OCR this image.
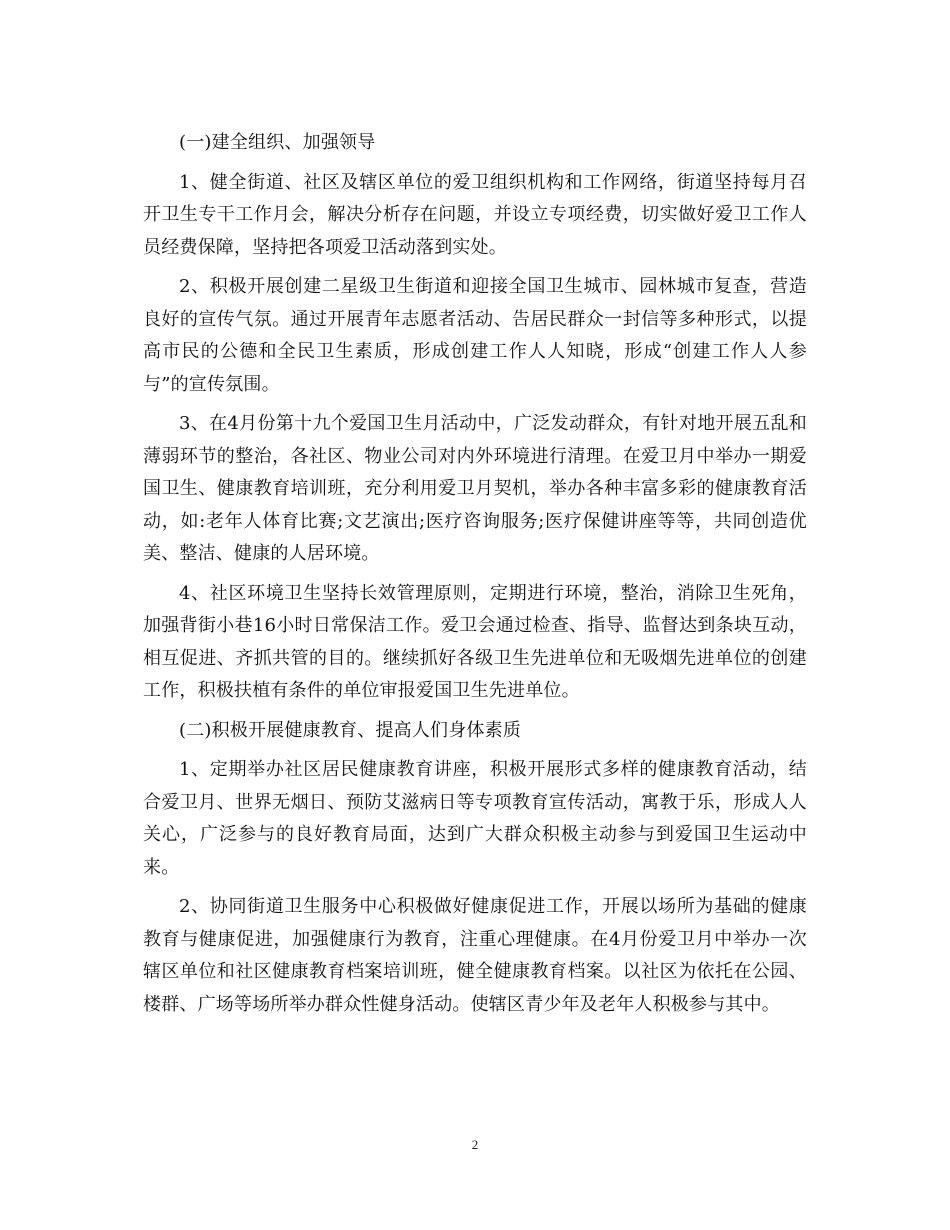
(一)建全组织、加强领导

1、健全街道、社区及辖区单位的爱卫组织机构和工作网络，街道坚持每月召开卫生专干工作月会，解决分析存在问题，并设立专项经费，切实做好爱卫工作人员经费保障，坚持把各项爱卫活动落到实处。

2、积极开展创建二星级卫生街道和迎接全国卫生城市、园林城市复查，营造良好的宣传气氛。通过开展青年志愿者活动、告居民群众一封信等多种形式，以提高市民的公德和全民卫生素质，形成创建工作人人知晓，形成“创建工作人人参与”的宣传氛围。

3、在4月份第十九个爱国卫生月活动中，广泛发动群众，有针对地开展五乱和薄弱环节的整治，各社区、物业公司对内外环境进行清理。在爱卫月中举办一期爱国卫生、健康教育培训班，充分利用爱卫月契机，举办各种丰富多彩的健康教育活动，如:老年人体育比赛;文艺演出;医疗咨询服务;医疗保健讲座等等，共同创造优美、整洁、健康的人居环境。

4、社区环境卫生坚持长效管理原则，定期进行环境，整治，消除卫生死角，加强背街小巷16小时日常保洁工作。爱卫会通过检查、指导、监督达到条块互动，相互促进、齐抓共管的目的。继续抓好各级卫生先进单位和无吸烟先进单位的创建工作，积极扶植有条件的单位审报爱国卫生先进单位。

(二)积极开展健康教育、提高人们身体素质

1、定期举办社区居民健康教育讲座，积极开展形式多样的健康教育活动，结合爱卫月、世界无烟日、预防艾滋病日等专项教育宣传活动，寓教于乐，形成人人关心，广泛参与的良好教育局面，达到广大群众积极主动参与到爱国卫生运动中来。

2、协同街道卫生服务中心积极做好健康促进工作，开展以场所为基础的健康教育与健康促进，加强健康行为教育，注重心理健康。在4月份爱卫月中举办一次辖区单位和社区健康教育档案培训班，健全健康教育档案。以社区为依托在公园、楼群、广场等场所举办群众性健身活动。使辖区青少年及老年人积极参与其中。

2
